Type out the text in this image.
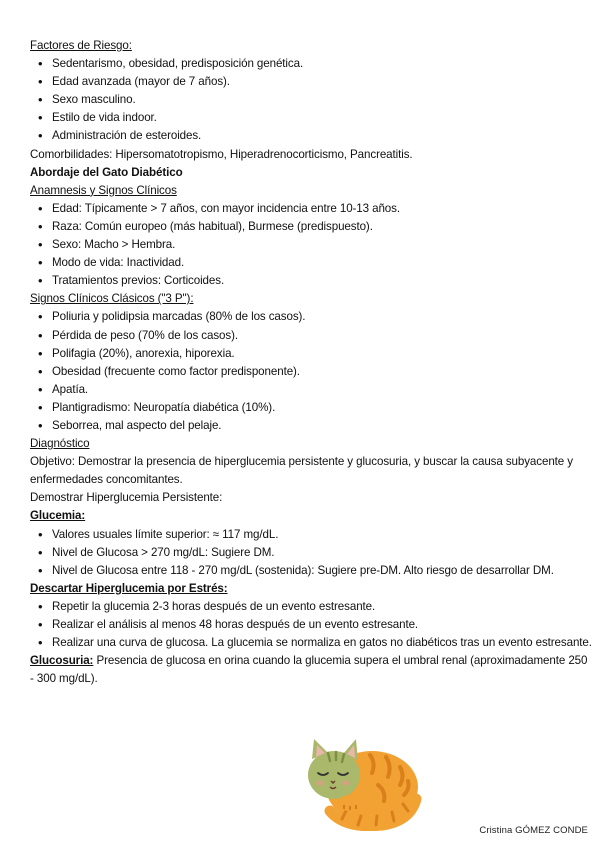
Factores de Riesgo:
• Sedentarismo, obesidad, predisposición genética.
• Edad avanzada (mayor de 7 años).
• Sexo masculino.
• Estilo de vida indoor.
• Administración de esteroides.
Comorbilidades: Hipersomatotropismo, Hiperadrenocorticismo, Pancreatitis.
Abordaje del Gato Diabético
Anamnesis y Signos Clínicos
• Edad: Típicamente > 7 años, con mayor incidencia entre 10-13 años.
• Raza: Común europeo (más habitual), Burmese (predispuesto).
• Sexo: Macho > Hembra.
• Modo de vida: Inactividad.
• Tratamientos previos: Corticoides.
Signos Clínicos Clásicos ("3 P"):
• Poliuria y polidipsia marcadas (80% de los casos).
• Pérdida de peso (70% de los casos).
• Polifagia (20%), anorexia, hiporexia.
• Obesidad (frecuente como factor predisponente).
• Apatía.
• Plantigradismo: Neuropatía diabética (10%).
• Seborrea, mal aspecto del pelaje.
Diagnóstico
Objetivo: Demostrar la presencia de hiperglucemia persistente y glucosuria, y buscar la causa subyacente y enfermedades concomitantes.
Demostrar Hiperglucemia Persistente:
Glucemia:
• Valores usuales límite superior: ≈ 117 mg/dL.
• Nivel de Glucosa > 270 mg/dL: Sugiere DM.
• Nivel de Glucosa entre 118 - 270 mg/dL (sostenida): Sugiere pre-DM. Alto riesgo de desarrollar DM.
Descartar Hiperglucemia por Estrés:
• Repetir la glucemia 2-3 horas después de un evento estresante.
• Realizar el análisis al menos 48 horas después de un evento estresante.
• Realizar una curva de glucosa. La glucemia se normaliza en gatos no diabéticos tras un evento estresante.
Glucosuria: Presencia de glucosa en orina cuando la glucemia supera el umbral renal (aproximadamente 250 - 300 mg/dL).
Cristina GÓMEZ CONDE
